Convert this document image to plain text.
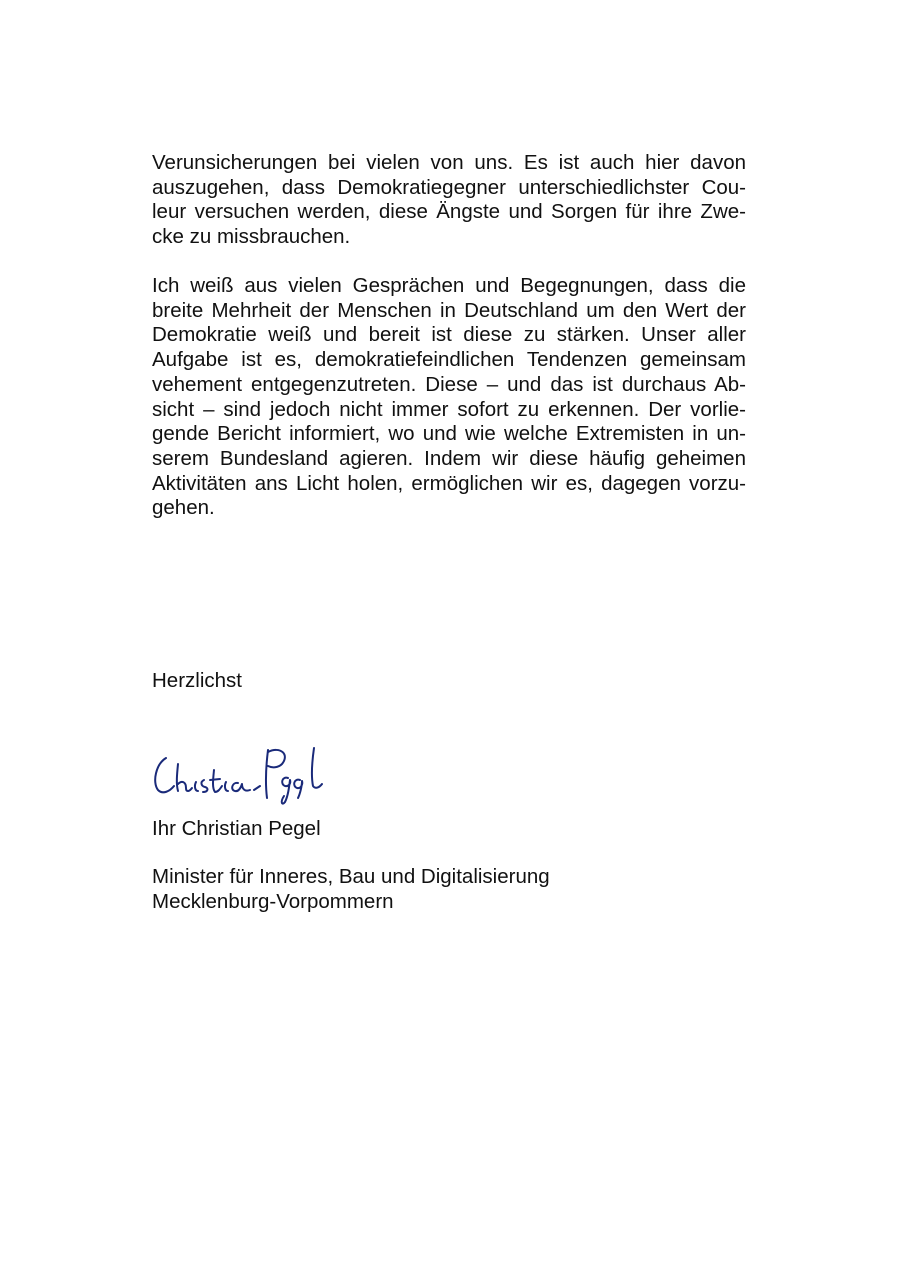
Verunsicherungen bei vielen von uns. Es ist auch hier davon
auszugehen, dass Demokratiegegner unterschiedlichster Cou-
leur versuchen werden, diese Ängste und Sorgen für ihre Zwe-
cke zu missbrauchen.
Ich weiß aus vielen Gesprächen und Begegnungen, dass die
breite Mehrheit der Menschen in Deutschland um den Wert der
Demokratie weiß und bereit ist diese zu stärken. Unser aller
Aufgabe ist es, demokratiefeindlichen Tendenzen gemeinsam
vehement entgegenzutreten. Diese – und das ist durchaus Ab-
sicht – sind jedoch nicht immer sofort zu erkennen. Der vorlie-
gende Bericht informiert, wo und wie welche Extremisten in un-
serem Bundesland agieren. Indem wir diese häufig geheimen
Aktivitäten ans Licht holen, ermöglichen wir es, dagegen vorzu-
gehen.

Herzlichst

Ihr Christian Pegel

Minister für Inneres, Bau und Digitalisierung

Mecklenburg-Vorpommern
